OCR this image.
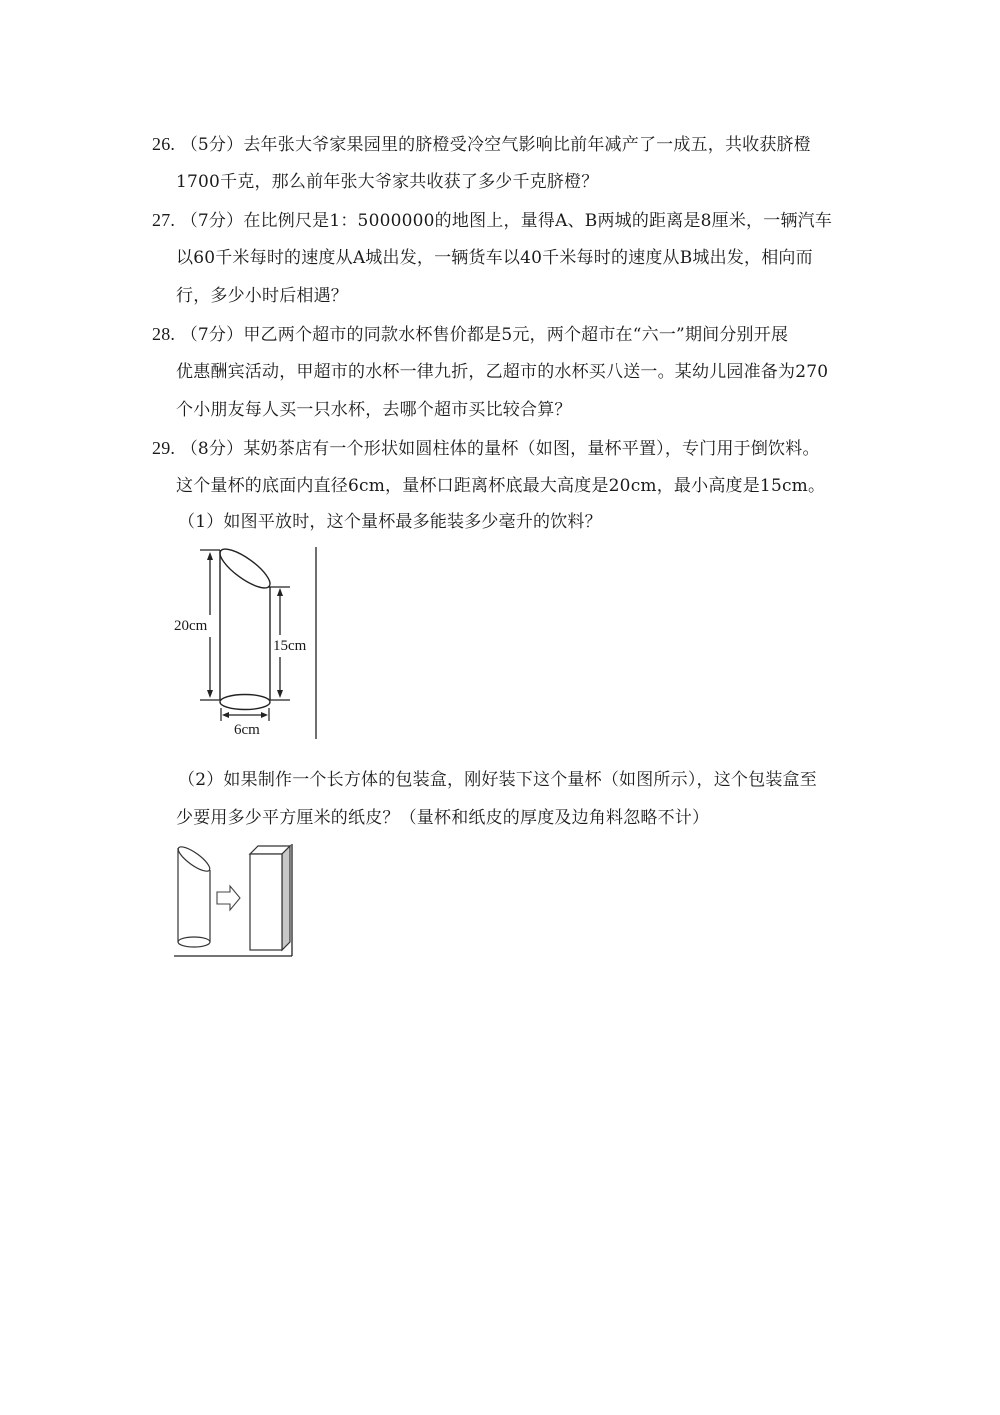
26. （5分）去年张大爷家果园里的脐橙受冷空气影响比前年减产了一成五，共收获脐橙
1700千克，那么前年张大爷家共收获了多少千克脐橙？
27. （7分）在比例尺是1：5000000的地图上，量得A、B两城的距离是8厘米，一辆汽车
以60千米每时的速度从A城出发，一辆货车以40千米每时的速度从B城出发，相向而
行，多少小时后相遇？
28. （7分）甲乙两个超市的同款水杯售价都是5元，两个超市在“六一”期间分别开展
优惠酬宾活动，甲超市的水杯一律九折，乙超市的水杯买八送一。某幼儿园准备为270
个小朋友每人买一只水杯，去哪个超市买比较合算？
29. （8分）某奶茶店有一个形状如圆柱体的量杯（如图，量杯平置），专门用于倒饮料。
这个量杯的底面内直径6cm，量杯口距离杯底最大高度是20cm，最小高度是15cm。
（1）如图平放时，这个量杯最多能装多少毫升的饮料？
20cm
15cm
6cm
（2）如果制作一个长方体的包装盒，刚好装下这个量杯（如图所示），这个包装盒至
少要用多少平方厘米的纸皮？（量杯和纸皮的厚度及边角料忽略不计）
